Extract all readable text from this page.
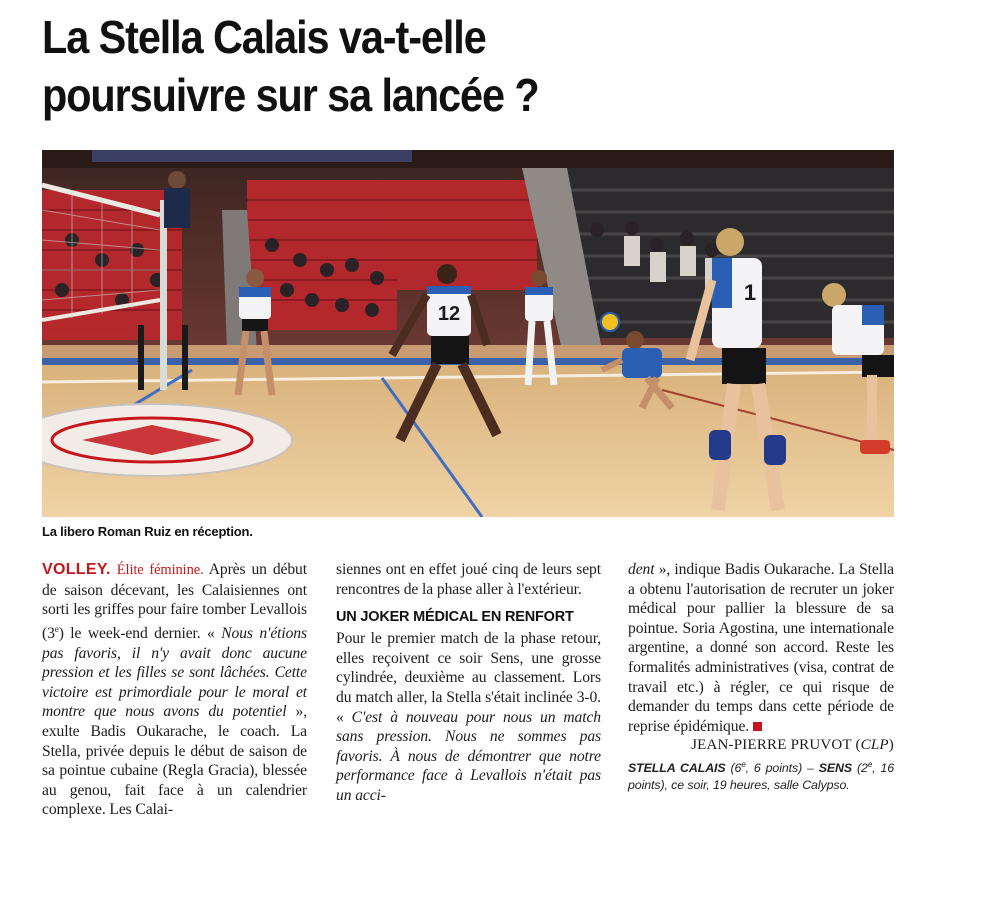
La Stella Calais va-t-elle
poursuivre sur sa lancée ?
12
1
La libero Roman Ruiz en réception.

VOLLEY. Élite féminine. Après un début de saison décevant, les Calaisiennes ont sorti les griffes pour faire tomber Levallois (3e) le week-end dernier. « Nous n'étions pas favoris, il n'y avait donc aucune pression et les filles se sont lâchées. Cette victoire est primordiale pour le moral et montre que nous avons du potentiel », exulte Badis Oukarache, le coach. La Stella, privée depuis le début de saison de sa pointue cubaine (Regla Gracia), blessée au genou, fait face à un calendrier complexe. Les Calai-

siennes ont en effet joué cinq de leurs sept rencontres de la phase aller à l'extérieur.

UN JOKER MÉDICAL EN RENFORT

Pour le premier match de la phase retour, elles reçoivent ce soir Sens, une grosse cylindrée, deuxième au classement. Lors du match aller, la Stella s'était inclinée 3-0. « C'est à nouveau pour nous un match sans pression. Nous ne sommes pas favoris. À nous de démontrer que notre performance face à Levallois n'était pas un acci-

dent », indique Badis Oukarache. La Stella a obtenu l'autorisation de recruter un joker médical pour pallier la blessure de sa pointue. Soria Agostina, une internationale argentine, a donné son accord. Reste les formalités administratives (visa, contrat de travail etc.) à régler, ce qui risque de demander du temps dans cette période de reprise épidémique.

JEAN-PIERRE PRUVOT (CLP)

STELLA CALAIS (6e, 6 points) – SENS (2e, 16 points), ce soir, 19 heures, salle Calypso.
